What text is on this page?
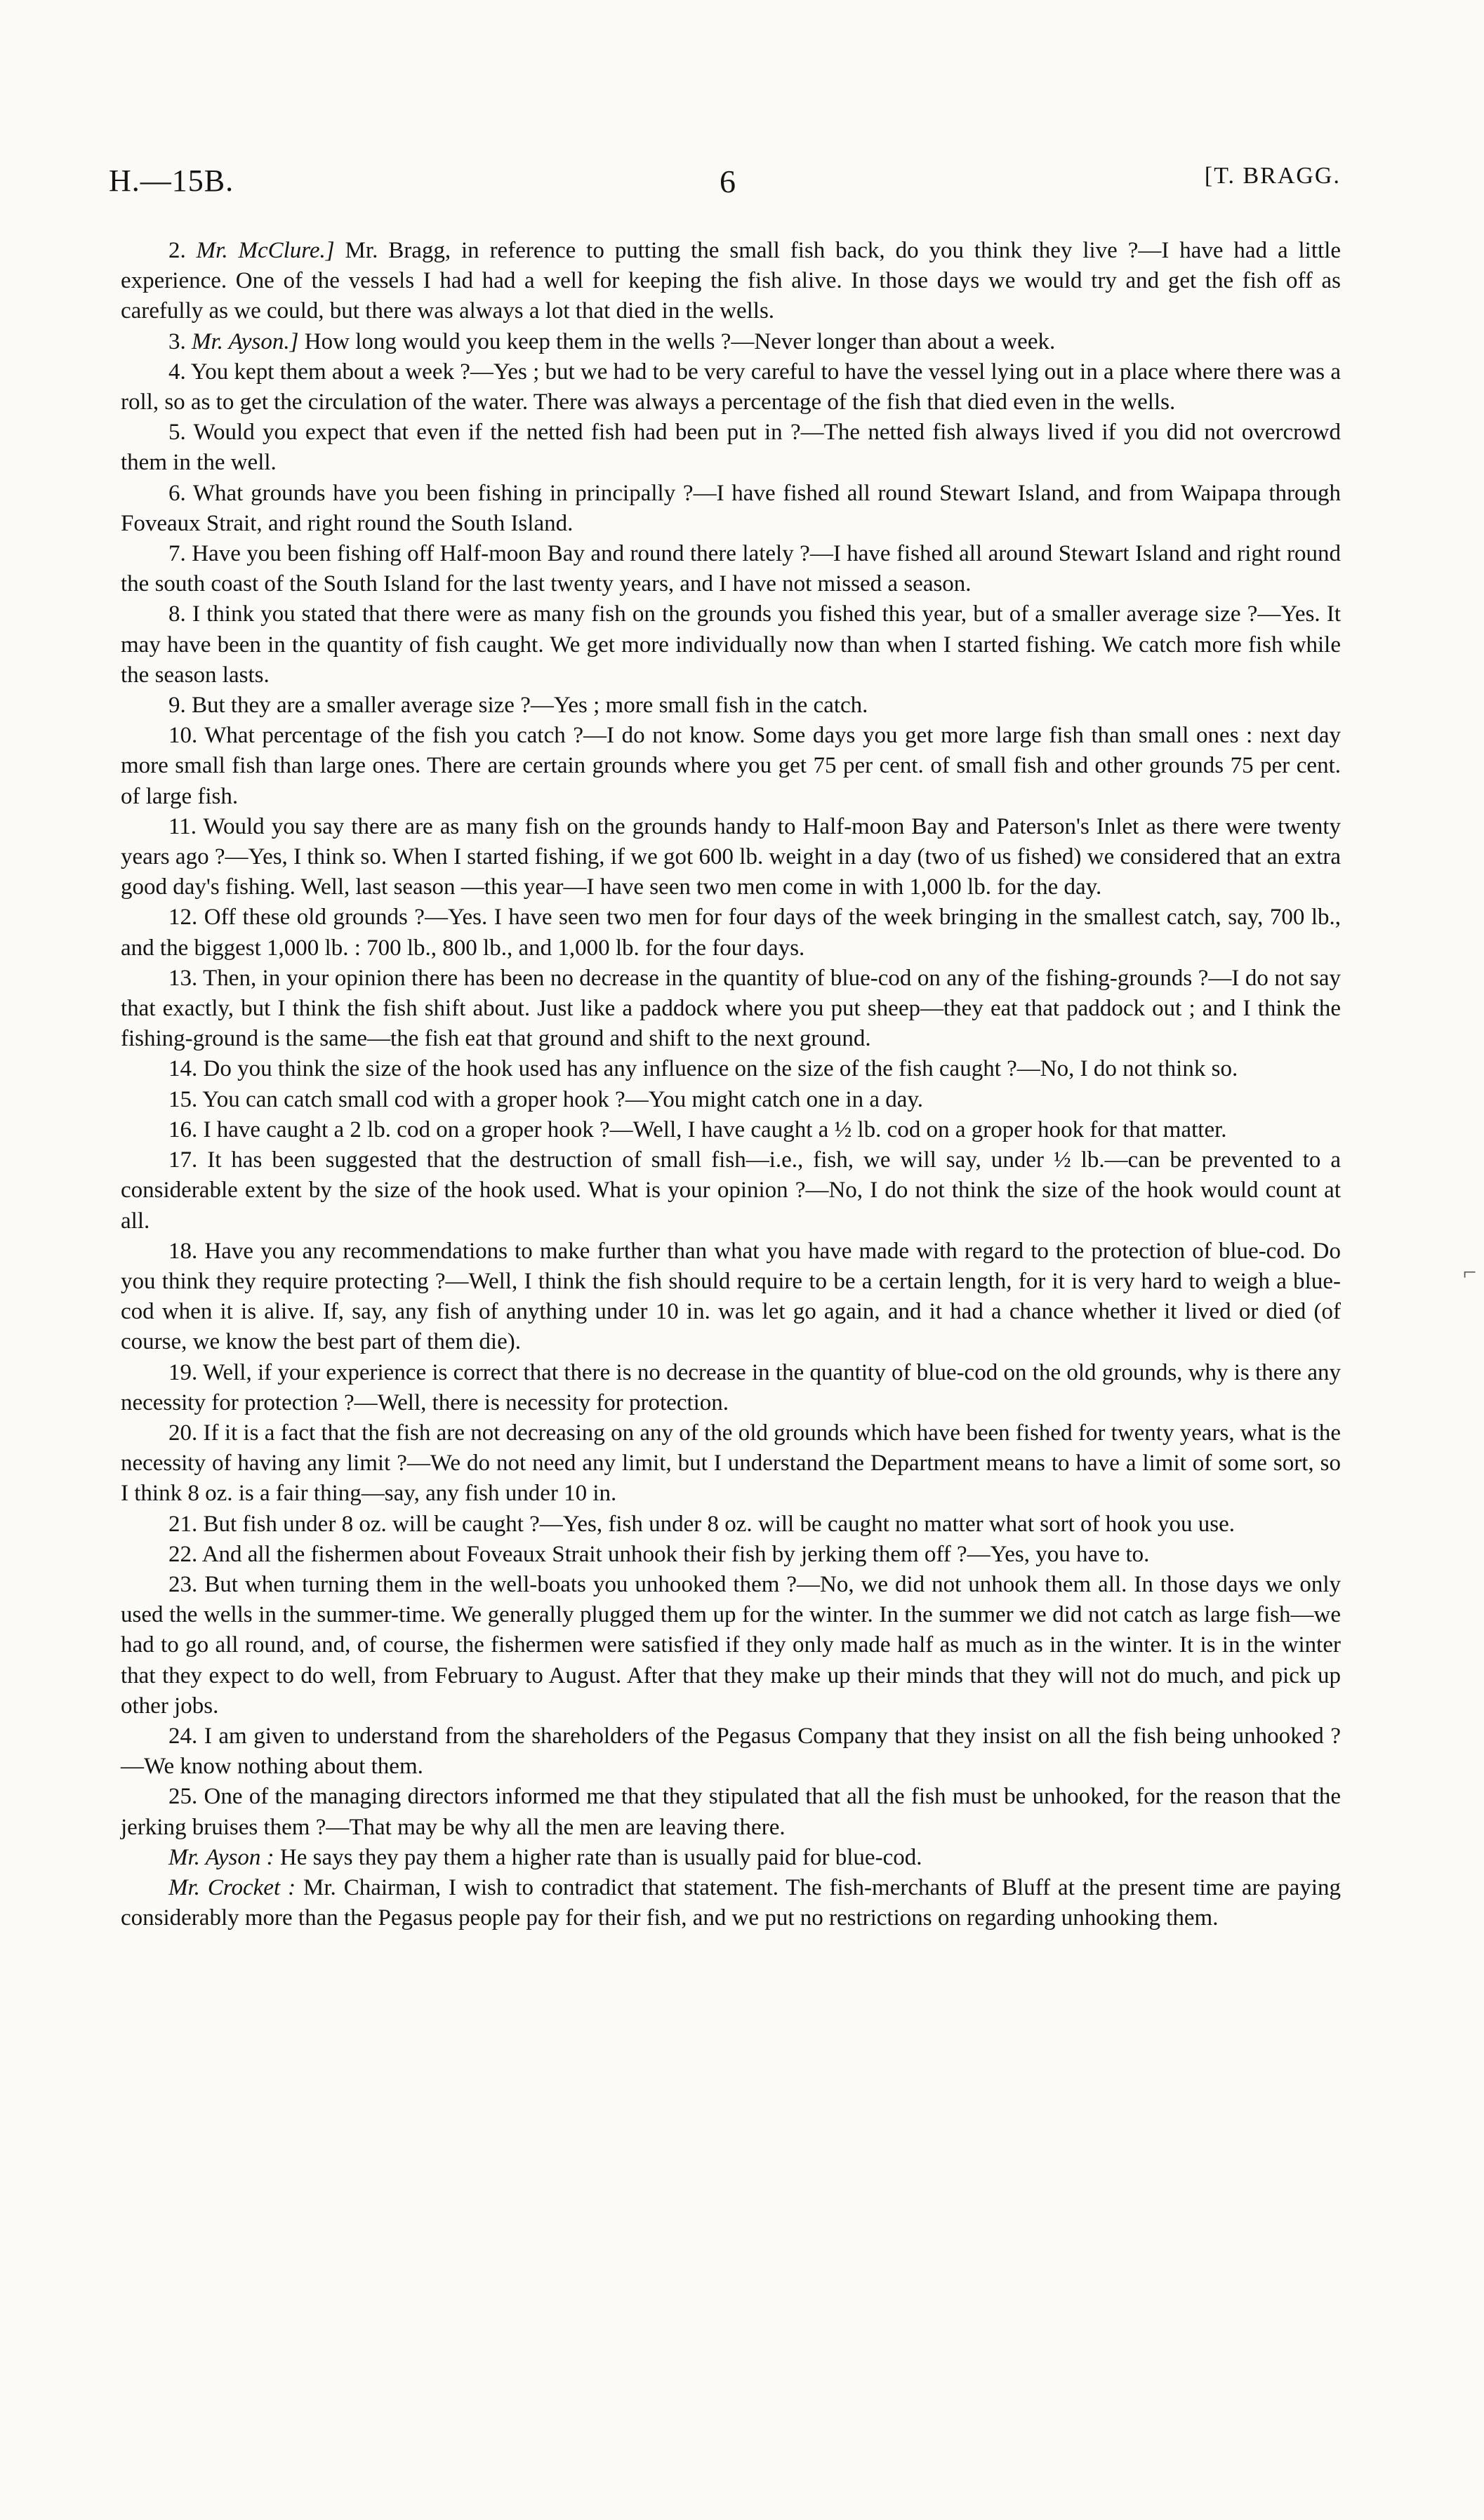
H.—15B.	6	[T. BRAGG.

2. Mr. McClure.] Mr. Bragg, in reference to putting the small fish back, do you think they live ?—I have had a little experience. One of the vessels I had had a well for keeping the fish alive. In those days we would try and get the fish off as carefully as we could, but there was always a lot that died in the wells.

3. Mr. Ayson.] How long would you keep them in the wells ?—Never longer than about a week.

4. You kept them about a week ?—Yes ; but we had to be very careful to have the vessel lying out in a place where there was a roll, so as to get the circulation of the water. There was always a percentage of the fish that died even in the wells.

5. Would you expect that even if the netted fish had been put in ?—The netted fish always lived if you did not overcrowd them in the well.

6. What grounds have you been fishing in principally ?—I have fished all round Stewart Island, and from Waipapa through Foveaux Strait, and right round the South Island.

7. Have you been fishing off Half-moon Bay and round there lately ?—I have fished all around Stewart Island and right round the south coast of the South Island for the last twenty years, and I have not missed a season.

8. I think you stated that there were as many fish on the grounds you fished this year, but of a smaller average size ?—Yes. It may have been in the quantity of fish caught. We get more individually now than when I started fishing. We catch more fish while the season lasts.

9. But they are a smaller average size ?—Yes ; more small fish in the catch.

10. What percentage of the fish you catch ?—I do not know. Some days you get more large fish than small ones : next day more small fish than large ones. There are certain grounds where you get 75 per cent. of small fish and other grounds 75 per cent. of large fish.

11. Would you say there are as many fish on the grounds handy to Half-moon Bay and Paterson's Inlet as there were twenty years ago ?—Yes, I think so. When I started fishing, if we got 600 lb. weight in a day (two of us fished) we considered that an extra good day's fishing. Well, last season —this year—I have seen two men come in with 1,000 lb. for the day.

12. Off these old grounds ?—Yes. I have seen two men for four days of the week bringing in the smallest catch, say, 700 lb., and the biggest 1,000 lb. : 700 lb., 800 lb., and 1,000 lb. for the four days.

13. Then, in your opinion there has been no decrease in the quantity of blue-cod on any of the fishing-grounds ?—I do not say that exactly, but I think the fish shift about. Just like a paddock where you put sheep—they eat that paddock out ; and I think the fishing-ground is the same—the fish eat that ground and shift to the next ground.

14. Do you think the size of the hook used has any influence on the size of the fish caught ?—No, I do not think so.

15. You can catch small cod with a groper hook ?—You might catch one in a day.

16. I have caught a 2 lb. cod on a groper hook ?—Well, I have caught a ½ lb. cod on a groper hook for that matter.

17. It has been suggested that the destruction of small fish—i.e., fish, we will say, under ½ lb.—can be prevented to a considerable extent by the size of the hook used. What is your opinion ?—No, I do not think the size of the hook would count at all.

18. Have you any recommendations to make further than what you have made with regard to the protection of blue-cod. Do you think they require protecting ?—Well, I think the fish should require to be a certain length, for it is very hard to weigh a blue-cod when it is alive. If, say, any fish of anything under 10 in. was let go again, and it had a chance whether it lived or died (of course, we know the best part of them die).

19. Well, if your experience is correct that there is no decrease in the quantity of blue-cod on the old grounds, why is there any necessity for protection ?—Well, there is necessity for protection.

20. If it is a fact that the fish are not decreasing on any of the old grounds which have been fished for twenty years, what is the necessity of having any limit ?—We do not need any limit, but I understand the Department means to have a limit of some sort, so I think 8 oz. is a fair thing—say, any fish under 10 in.

21. But fish under 8 oz. will be caught ?—Yes, fish under 8 oz. will be caught no matter what sort of hook you use.

22. And all the fishermen about Foveaux Strait unhook their fish by jerking them off ?—Yes, you have to.

23. But when turning them in the well-boats you unhooked them ?—No, we did not unhook them all. In those days we only used the wells in the summer-time. We generally plugged them up for the winter. In the summer we did not catch as large fish—we had to go all round, and, of course, the fishermen were satisfied if they only made half as much as in the winter. It is in the winter that they expect to do well, from February to August. After that they make up their minds that they will not do much, and pick up other jobs.

24. I am given to understand from the shareholders of the Pegasus Company that they insist on all the fish being unhooked ?—We know nothing about them.

25. One of the managing directors informed me that they stipulated that all the fish must be unhooked, for the reason that the jerking bruises them ?—That may be why all the men are leaving there.

Mr. Ayson : He says they pay them a higher rate than is usually paid for blue-cod.

Mr. Crocket : Mr. Chairman, I wish to contradict that statement. The fish-merchants of Bluff at the present time are paying considerably more than the Pegasus people pay for their fish, and we put no restrictions on regarding unhooking them.

⌐
